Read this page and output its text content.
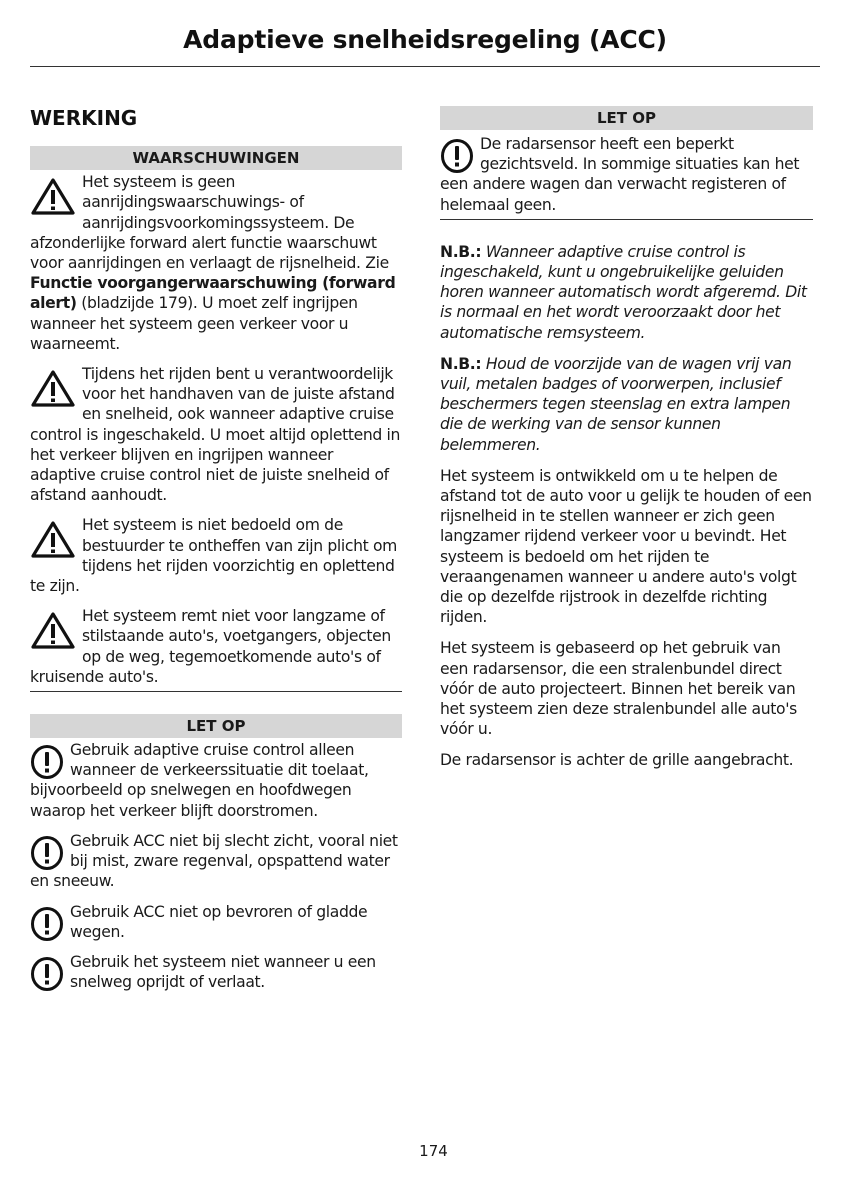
Adaptieve snelheidsregeling (ACC)
WERKING
WAARSCHUWINGEN
Het systeem is geen aanrijdingswaarschuwings- of aanrijdingsvoorkomingssysteem. De afzonderlijke forward alert functie waarschuwt voor aanrijdingen en verlaagt de rijsnelheid. Zie Functie voorgangerwaarschuwing (forward alert) (bladzijde 179). U moet zelf ingrijpen wanneer het systeem geen verkeer voor u waarneemt.
Tijdens het rijden bent u verantwoordelijk voor het handhaven van de juiste afstand en snelheid, ook wanneer adaptive cruise control is ingeschakeld. U moet altijd oplettend in het verkeer blijven en ingrijpen wanneer adaptive cruise control niet de juiste snelheid of afstand aanhoudt.
Het systeem is niet bedoeld om de bestuurder te ontheffen van zijn plicht om tijdens het rijden voorzichtig en oplettend te zijn.
Het systeem remt niet voor langzame of stilstaande auto's, voetgangers, objecten op de weg, tegemoetkomende auto's of kruisende auto's.
LET OP
Gebruik adaptive cruise control alleen wanneer de verkeerssituatie dit toelaat, bijvoorbeeld op snelwegen en hoofdwegen waarop het verkeer blijft doorstromen.
Gebruik ACC niet bij slecht zicht, vooral niet bij mist, zware regenval, opspattend water en sneeuw.
Gebruik ACC niet op bevroren of gladde wegen.
Gebruik het systeem niet wanneer u een snelweg oprijdt of verlaat.
LET OP
De radarsensor heeft een beperkt gezichtsveld. In sommige situaties kan het een andere wagen dan verwacht registeren of helemaal geen.

N.B.: Wanneer adaptive cruise control is ingeschakeld, kunt u ongebruikelijke geluiden horen wanneer automatisch wordt afgeremd. Dit is normaal en het wordt veroorzaakt door het automatische remsysteem.

N.B.: Houd de voorzijde van de wagen vrij van vuil, metalen badges of voorwerpen, inclusief beschermers tegen steenslag en extra lampen die de werking van de sensor kunnen belemmeren.

Het systeem is ontwikkeld om u te helpen de afstand tot de auto voor u gelijk te houden of een rijsnelheid in te stellen wanneer er zich geen langzamer rijdend verkeer voor u bevindt. Het systeem is bedoeld om het rijden te veraangenamen wanneer u andere auto's volgt die op dezelfde rijstrook in dezelfde richting rijden.

Het systeem is gebaseerd op het gebruik van een radarsensor, die een stralenbundel direct vóór de auto projecteert. Binnen het bereik van het systeem zien deze stralenbundel alle auto's vóór u.

De radarsensor is achter de grille aangebracht.

174
